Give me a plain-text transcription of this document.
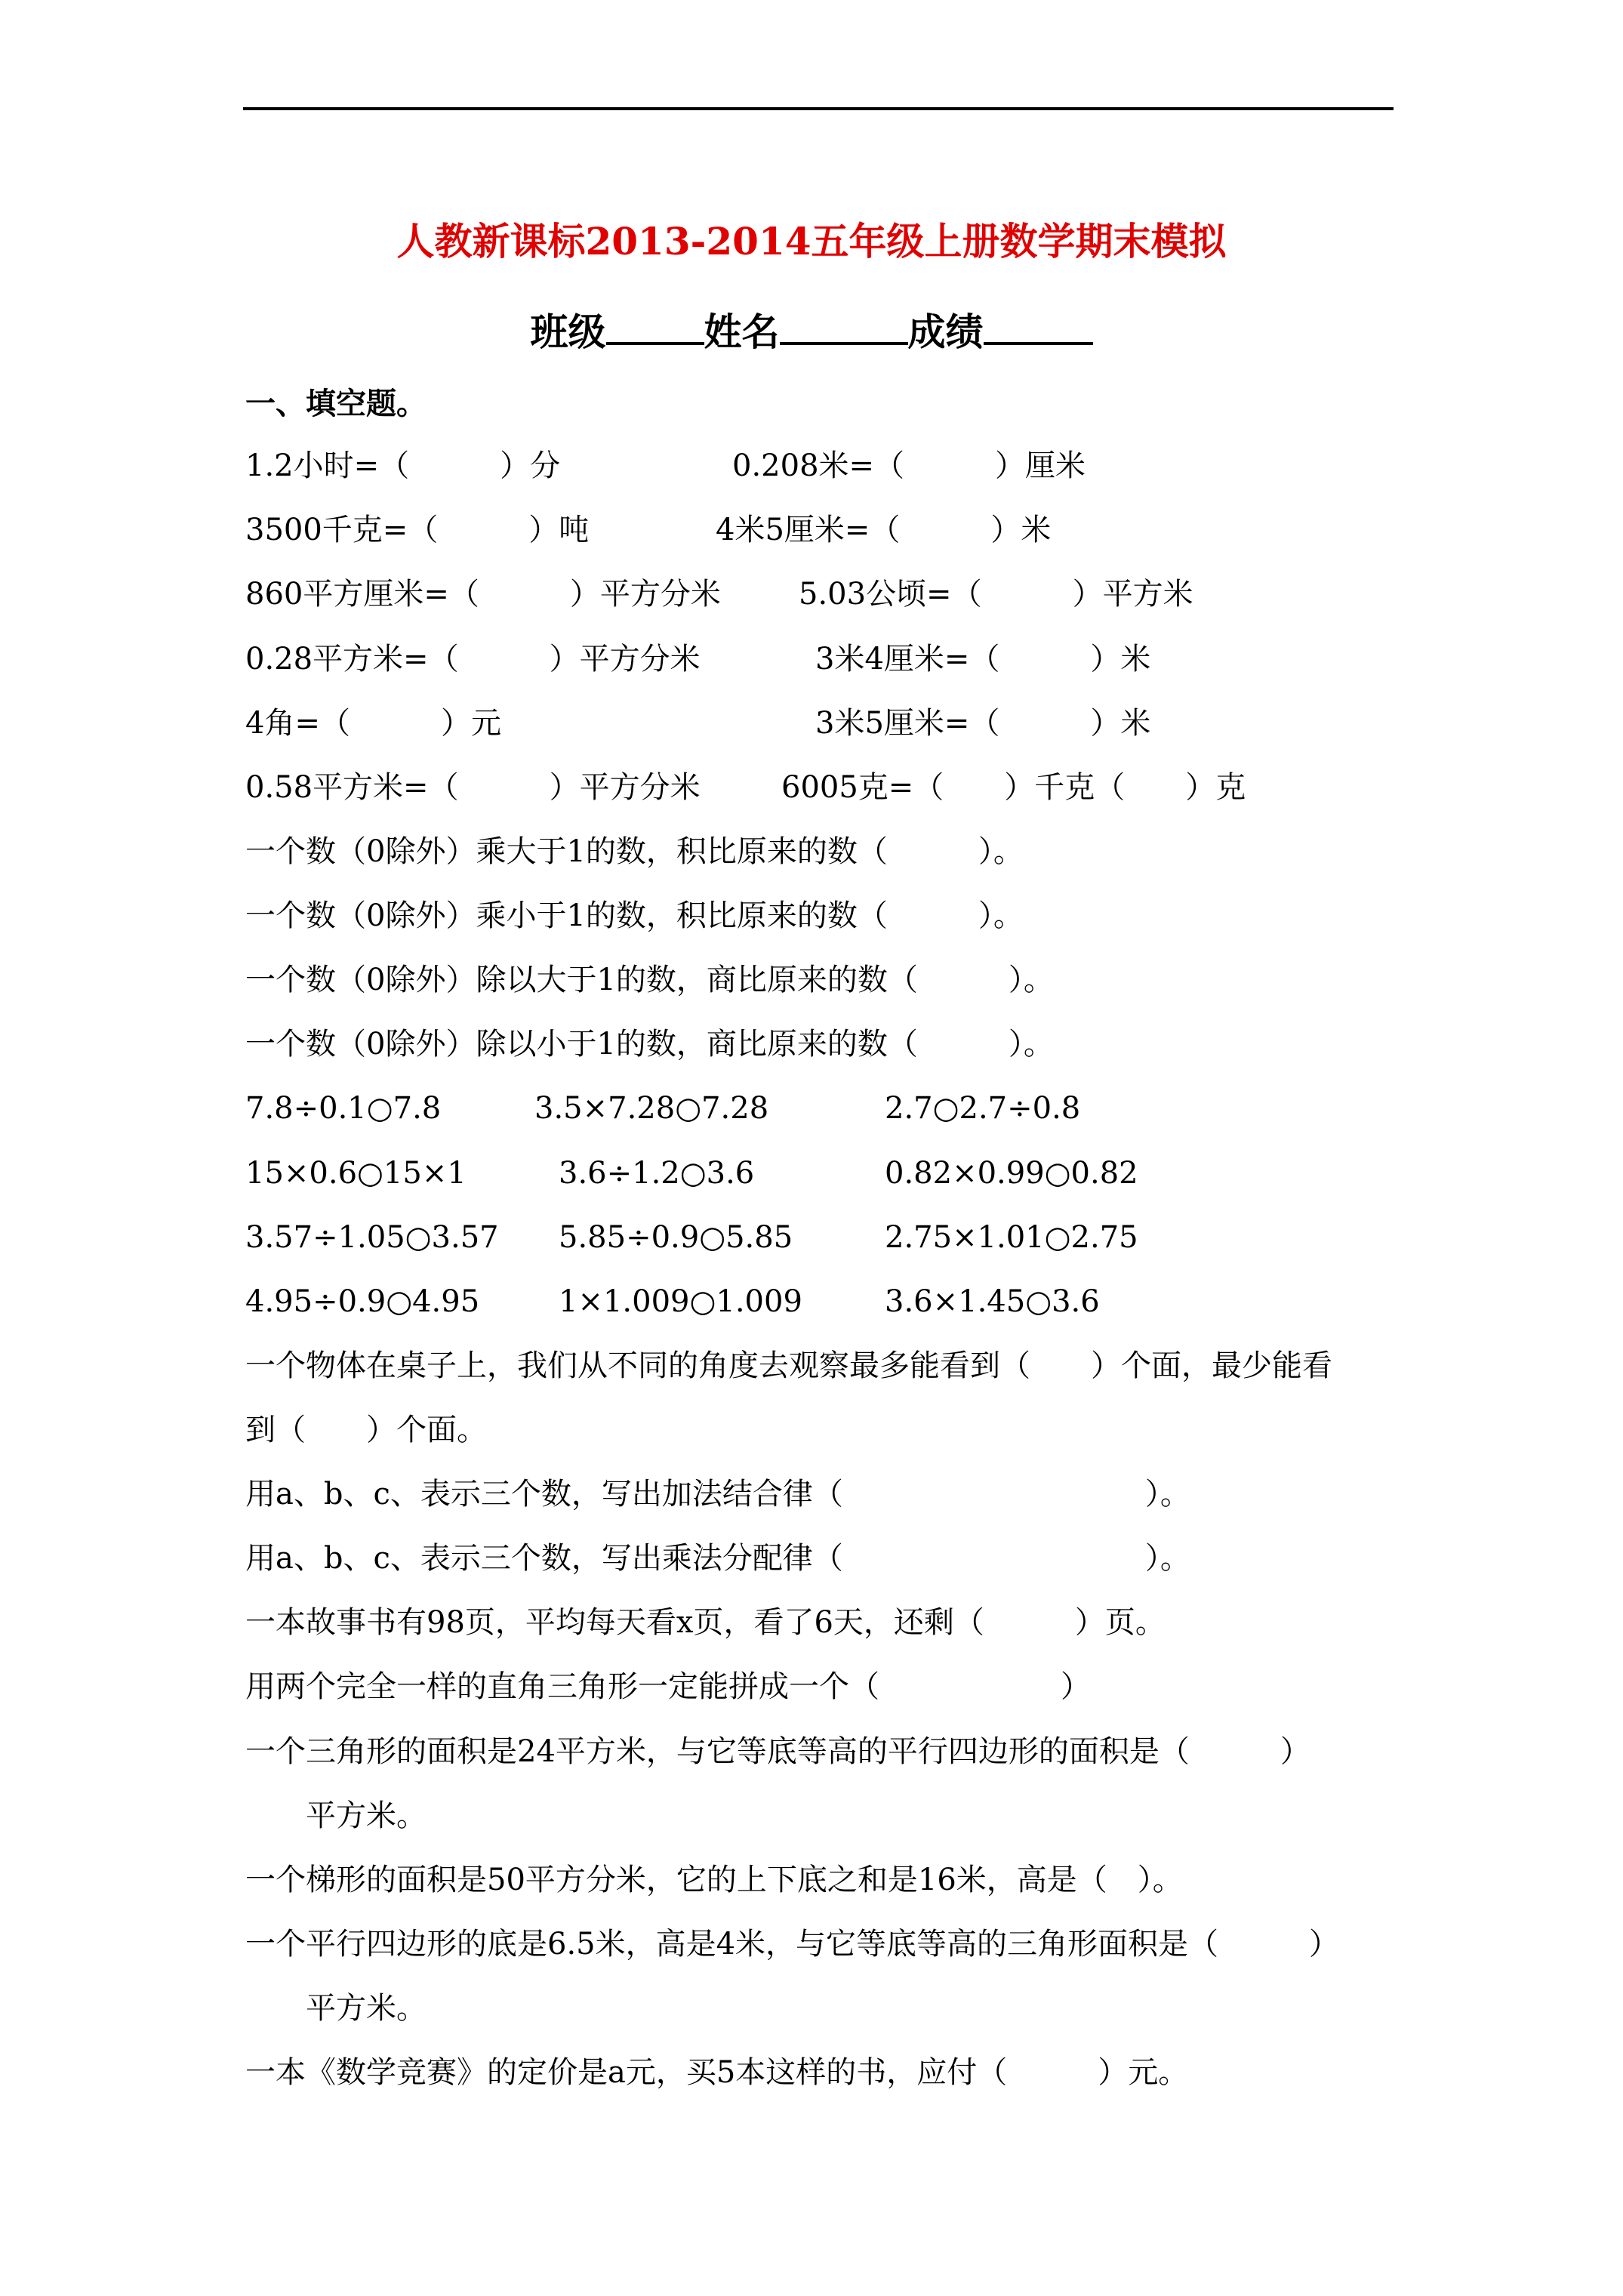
人教新课标2013-2014五年级上册数学期末模拟
班级	姓名	成绩
一、填空题。
1.2小时=（　　　）分	0.208米=（　　　）厘米
3500千克=（　　　）吨	4米5厘米=（　　　）米
860平方厘米=（　　　）平方分米	5.03公顷=（　　　）平方米
0.28平方米=（　　　）平方分米	3米4厘米=（　　　）米
4角=（　　　）元	3米5厘米=（　　　）米
0.58平方米=（　　　）平方分米	6005克=（　　）千克（　　）克
一个数（0除外）乘大于1的数，积比原来的数（　　　）。
一个数（0除外）乘小于1的数，积比原来的数（　　　）。
一个数（0除外）除以大于1的数，商比原来的数（　　　）。
一个数（0除外）除以小于1的数，商比原来的数（　　　）。
7.8÷0.1○7.8	3.5×7.28○7.28	2.7○2.7÷0.8
15×0.6○15×1	3.6÷1.2○3.6	0.82×0.99○0.82
3.57÷1.05○3.57 5.85÷0.9○5.85	2.75×1.01○2.75
4.95÷0.9○4.95	1×1.009○1.009	3.6×1.45○3.6
一个物体在桌子上，我们从不同的角度去观察最多能看到（　　）个面，最少能看
到（　　）个面。
用a、b、c、表示三个数，写出加法结合律（　　　　　　　　　　）。
用a、b、c、表示三个数，写出乘法分配律（　　　　　　　　　　）。
一本故事书有98页，平均每天看x页，看了6天，还剩（　　　）页。
用两个完全一样的直角三角形一定能拼成一个（　　　　　　）
一个三角形的面积是24平方米，与它等底等高的平行四边形的面积是（　　　）
平方米。
一个梯形的面积是50平方分米，它的上下底之和是16米，高是（　）。
一个平行四边形的底是6.5米，高是4米，与它等底等高的三角形面积是（　　　）
平方米。
一本《数学竞赛》的定价是a元，买5本这样的书，应付（　　　）元。
